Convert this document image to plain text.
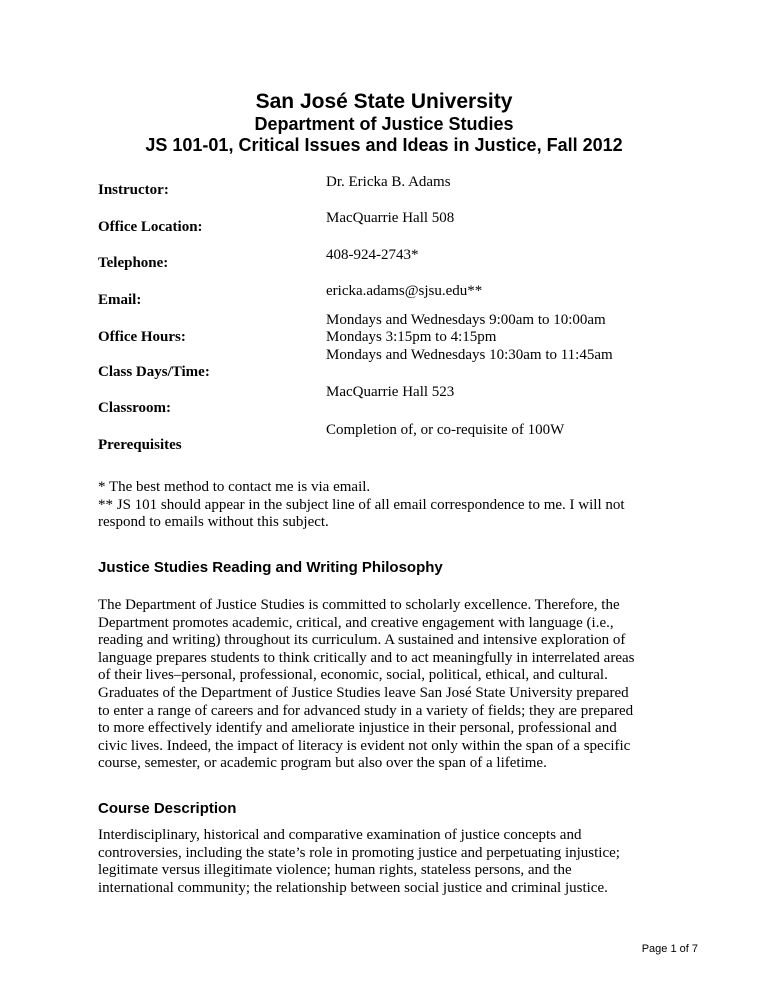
San José State University
Department of Justice Studies
JS 101-01, Critical Issues and Ideas in Justice, Fall 2012
Instructor:	Dr. Ericka B. Adams
Office Location:
MacQuarrie Hall 508
Telephone:	408-924-2743*
Email:
ericka.adams@sjsu.edu**
Office Hours:
Mondays and Wednesdays 9:00am to 10:00am
Mondays 3:15pm to 4:15pm
Class Days/Time:
Mondays and Wednesdays 10:30am to 11:45am
Classroom:
MacQuarrie Hall 523
Prerequisites
Completion of, or co-requisite of 100W
* The best method to contact me is via email.
** JS 101 should appear in the subject line of all email correspondence to me. I will not
respond to emails without this subject.
Justice Studies Reading and Writing Philosophy
The Department of Justice Studies is committed to scholarly excellence. Therefore, the
Department promotes academic, critical, and creative engagement with language (i.e.,
reading and writing) throughout its curriculum. A sustained and intensive exploration of
language prepares students to think critically and to act meaningfully in interrelated areas
of their lives–personal, professional, economic, social, political, ethical, and cultural.
Graduates of the Department of Justice Studies leave San José State University prepared
to enter a range of careers and for advanced study in a variety of fields; they are prepared
to more effectively identify and ameliorate injustice in their personal, professional and
civic lives. Indeed, the impact of literacy is evident not only within the span of a specific
course, semester, or academic program but also over the span of a lifetime.
Course Description
Interdisciplinary, historical and comparative examination of justice concepts and
controversies, including the state’s role in promoting justice and perpetuating injustice;
legitimate versus illegitimate violence; human rights, stateless persons, and the
international community; the relationship between social justice and criminal justice.
Page 1 of 7
